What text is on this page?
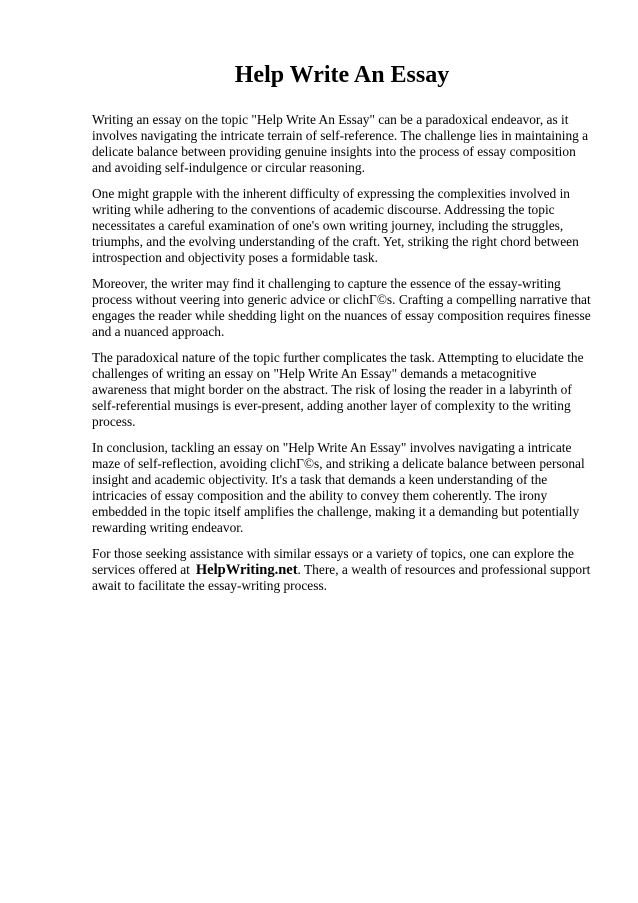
Help Write An Essay

Writing an essay on the topic "Help Write An Essay" can be a paradoxical endeavor, as it involves navigating the intricate terrain of self-reference. The challenge lies in maintaining a delicate balance between providing genuine insights into the process of essay composition and avoiding self-indulgence or circular reasoning.

One might grapple with the inherent difficulty of expressing the complexities involved in writing while adhering to the conventions of academic discourse. Addressing the topic necessitates a careful examination of one's own writing journey, including the struggles, triumphs, and the evolving understanding of the craft. Yet, striking the right chord between introspection and objectivity poses a formidable task.

Moreover, the writer may find it challenging to capture the essence of the essay-writing process without veering into generic advice or clichГ©s. Crafting a compelling narrative that engages the reader while shedding light on the nuances of essay composition requires finesse and a nuanced approach.

The paradoxical nature of the topic further complicates the task. Attempting to elucidate the challenges of writing an essay on "Help Write An Essay" demands a metacognitive awareness that might border on the abstract. The risk of losing the reader in a labyrinth of self-referential musings is ever-present, adding another layer of complexity to the writing process.

In conclusion, tackling an essay on "Help Write An Essay" involves navigating a intricate maze of self-reflection, avoiding clichГ©s, and striking a delicate balance between personal insight and academic objectivity. It's a task that demands a keen understanding of the intricacies of essay composition and the ability to convey them coherently. The irony embedded in the topic itself amplifies the challenge, making it a demanding but potentially rewarding writing endeavor.

For those seeking assistance with similar essays or a variety of topics, one can explore the services offered at HelpWriting.net. There, a wealth of resources and professional support await to facilitate the essay-writing process.
